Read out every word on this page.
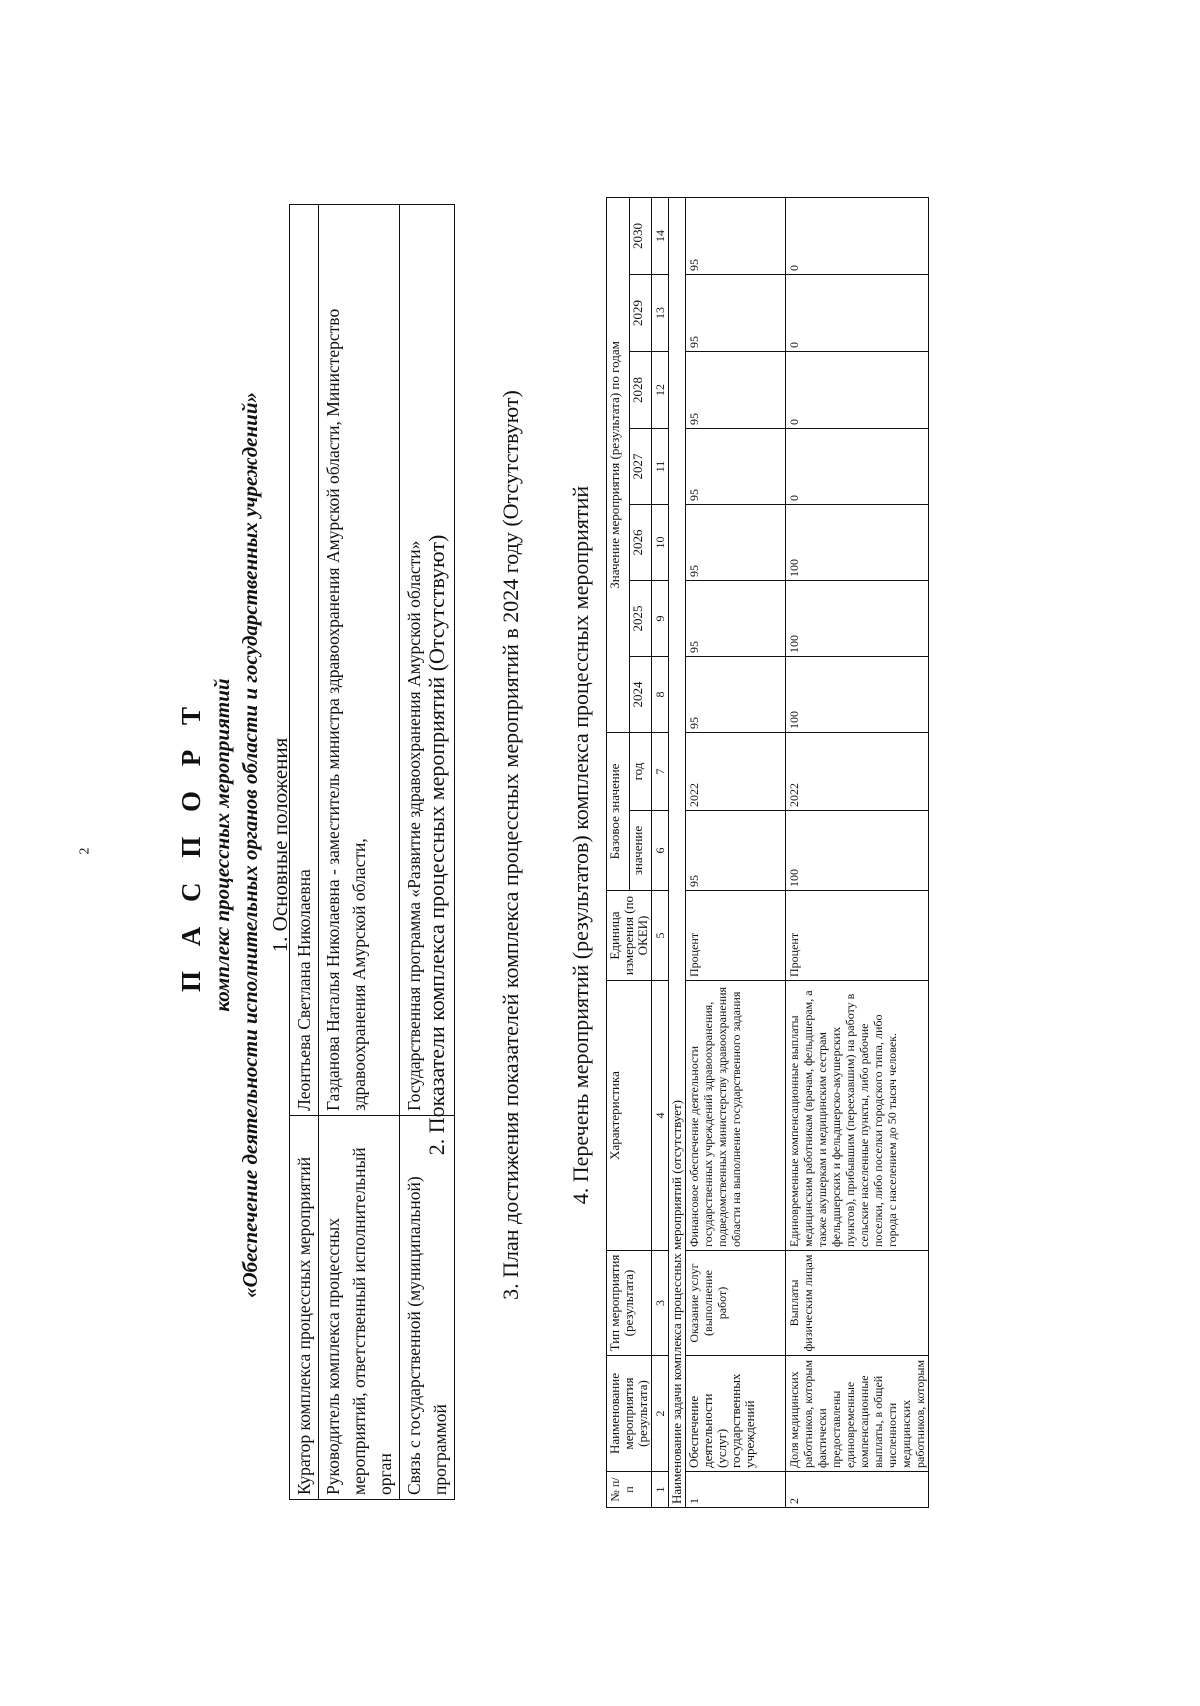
2	П А С П О Р Т комплекс процессных мероприятий «Обеспечение деятельности исполнительных органов области и государственных учреждений» 1. Основные положения
Куратор комплекса процессных мероприятий	Леонтьева Светлана Николаевна
Руководитель комплекса процессных мероприятий, ответственный исполнительный орган	Газданова Наталья Николаевна - заместитель министра здравоохранения Амурской области, Министерство здравоохранения Амурской области,
Связь с государственной (муниципальной) программой	Государственная программа «Развитие здравоохранения Амурской области» 2. Показатели комплекса процессных мероприятий (Отсутствуют) 3. План достижения показателей комплекса процессных мероприятий в 2024 году (Отсутствуют) 4. Перечень мероприятий (результатов) комплекса процессных мероприятий
№ п/п	Наименование мероприятия (результата)	Тип мероприятия (результата)	Характеристика	Единица измерения (по ОКЕИ)	Базовое значение		Значение мероприятия (результата) по годам						
					значение	год	2024	2025	2026	2027	2028	2029	2030
1	2	3	4	5	6	7	8	9	10	11	12	13	14
Наименование задачи комплекса процессных мероприятий (отсутствует)													
1	Обеспечение деятельности (услуг) государственных учреждений	Оказание услуг (выполнение работ)	Финансовое обеспечение деятельности государственных учреждений здравоохранения, подведомственных министерству здравоохранения области на выполнение государственного задания	Процент	95	2022	95	95	95	95	95	95	95
2	Доля медицинских работников, которым фактически предоставлены единовременные компенсационные выплаты, в общей численности медицинских работников, которым	Выплаты физическим лицам	Единовременные компенсационные выплаты медицинским работникам (врачам, фельдшерам, а также акушеркам и медицинским сестрам фельдшерских и фельдшерско-акушерских пунктов), прибывшим (переехавшим) на работу в сельские населенные пункты, либо рабочие поселки, либо поселки городского типа, либо города с населением до 50 тысяч человек.	Процент	100	2022	100	100	100	0	0	0	0
